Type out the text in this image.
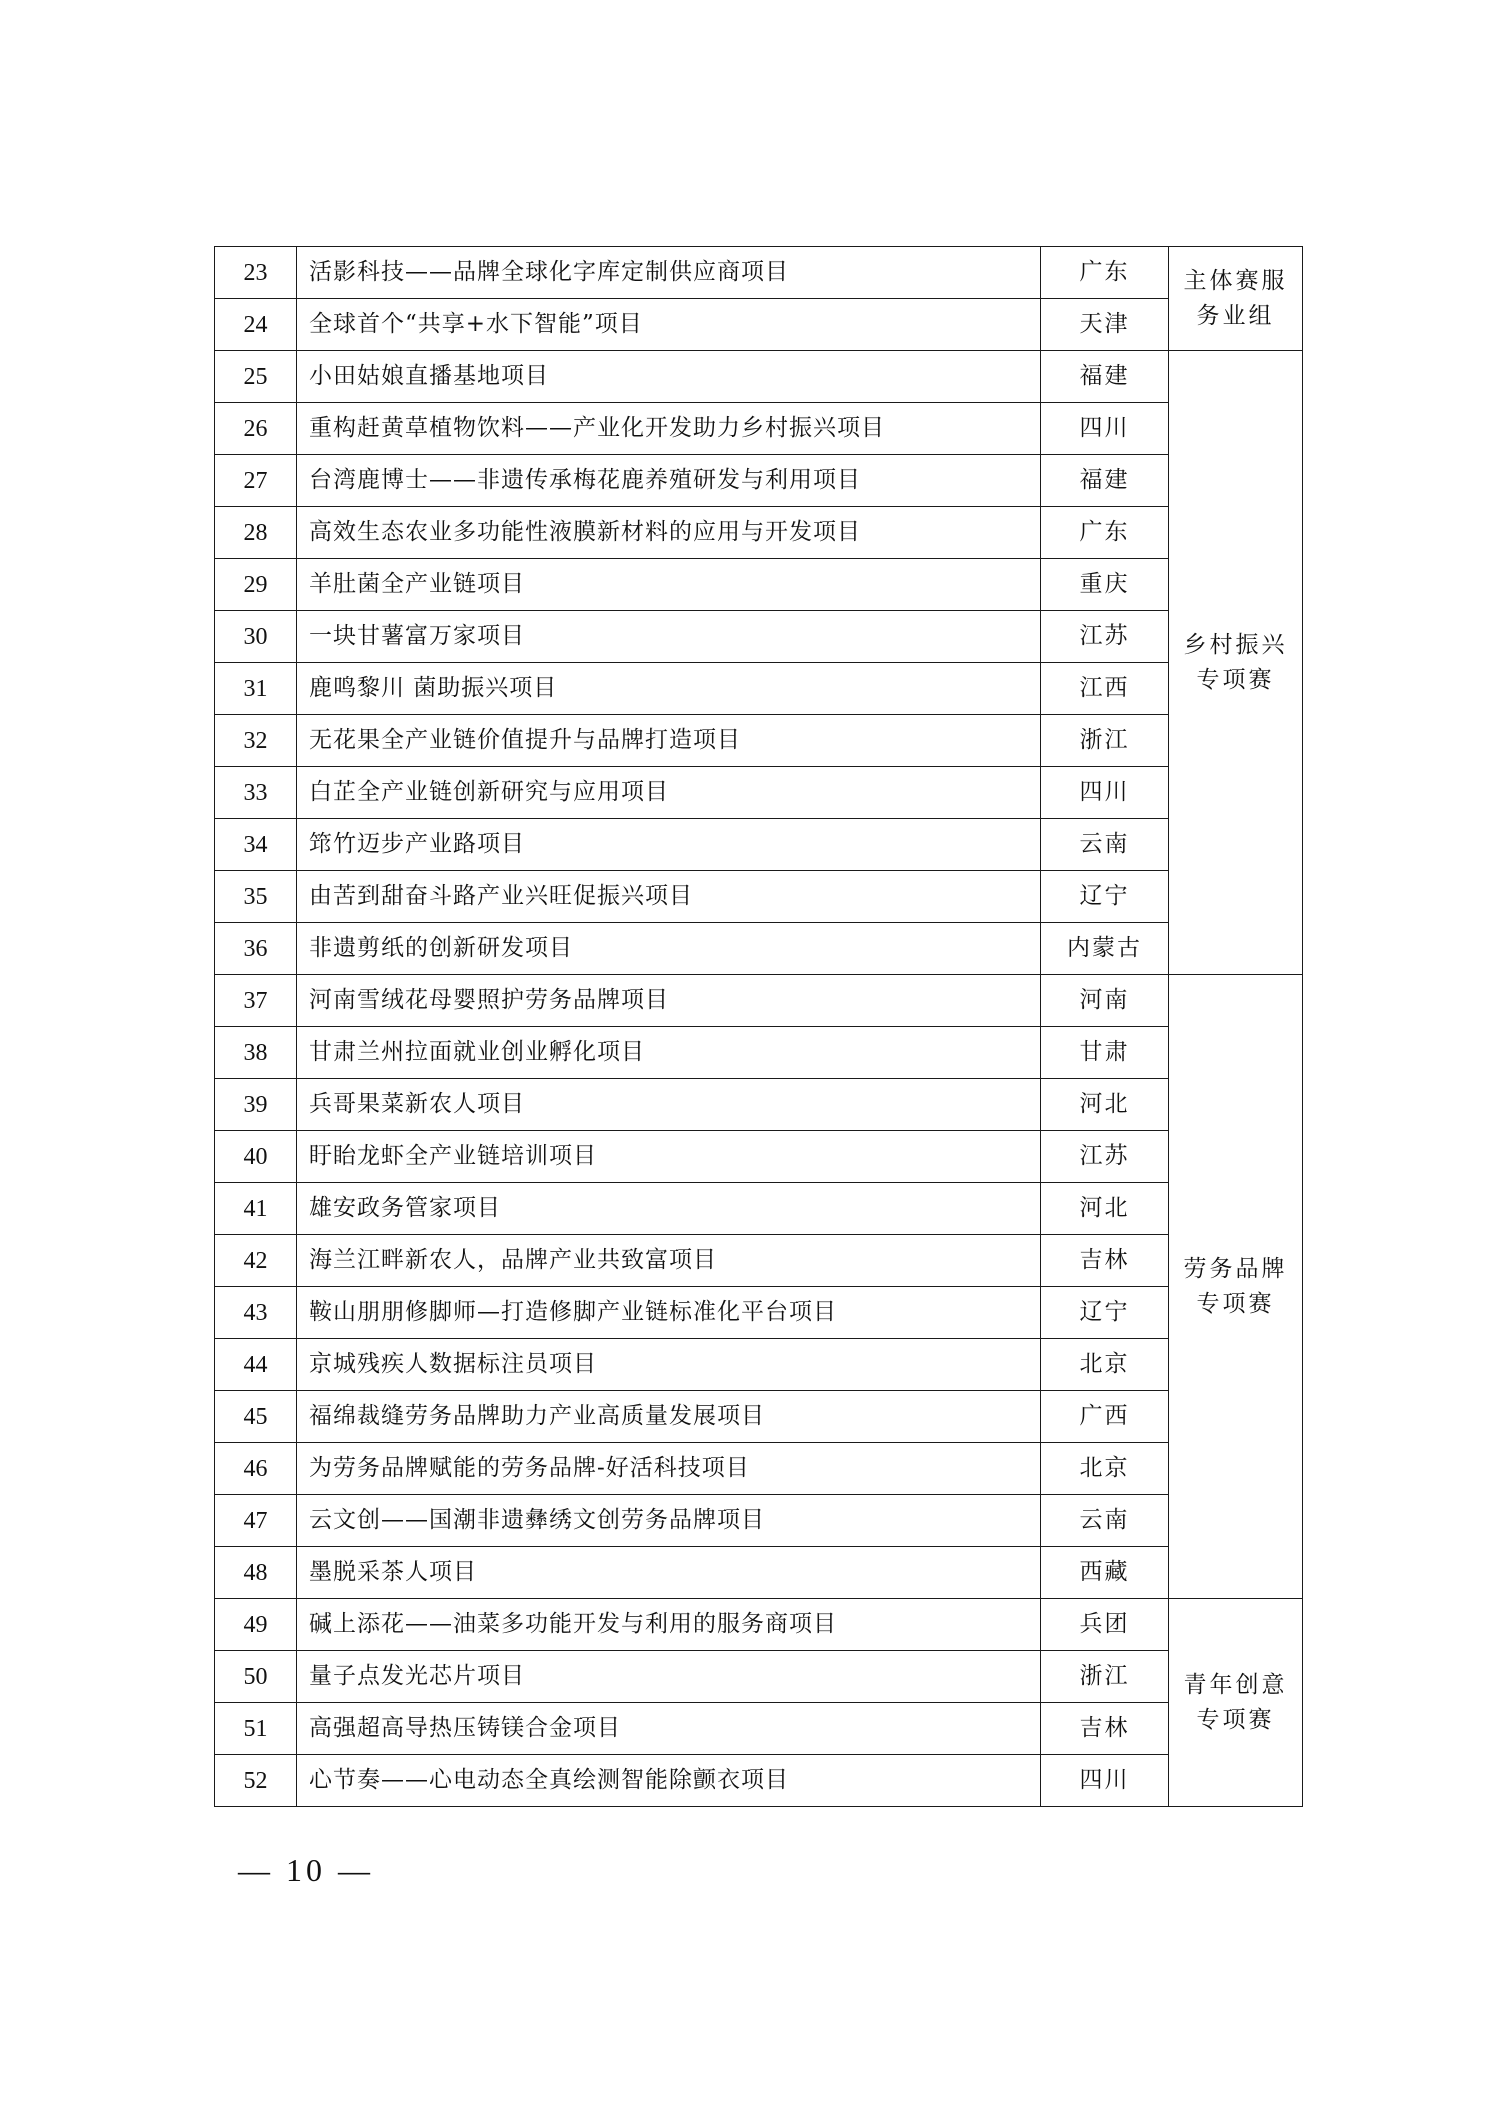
23	活影科技——品牌全球化字库定制供应商项目	广东	主体赛服务业组
24	全球首个“共享+水下智能”项目	天津	
25	小田姑娘直播基地项目	福建	乡村振兴专项赛
26	重构赶黄草植物饮料——产业化开发助力乡村振兴项目	四川	
27	台湾鹿博士——非遗传承梅花鹿养殖研发与利用项目	福建	
28	高效生态农业多功能性液膜新材料的应用与开发项目	广东	
29	羊肚菌全产业链项目	重庆	
30	一块甘薯富万家项目	江苏	
31	鹿鸣黎川 菌助振兴项目	江西	
32	无花果全产业链价值提升与品牌打造项目	浙江	
33	白芷全产业链创新研究与应用项目	四川	
34	筇竹迈步产业路项目	云南	
35	由苦到甜奋斗路产业兴旺促振兴项目	辽宁	
36	非遗剪纸的创新研发项目	内蒙古	
37	河南雪绒花母婴照护劳务品牌项目	河南	劳务品牌专项赛
38	甘肃兰州拉面就业创业孵化项目	甘肃	
39	兵哥果菜新农人项目	河北	
40	盱眙龙虾全产业链培训项目	江苏	
41	雄安政务管家项目	河北	
42	海兰江畔新农人，品牌产业共致富项目	吉林	
43	鞍山朋朋修脚师—打造修脚产业链标准化平台项目	辽宁	
44	京城残疾人数据标注员项目	北京	
45	福绵裁缝劳务品牌助力产业高质量发展项目	广西	
46	为劳务品牌赋能的劳务品牌-好活科技项目	北京	
47	云文创——国潮非遗彝绣文创劳务品牌项目	云南	
48	墨脱采茶人项目	西藏	
49	碱上添花——油菜多功能开发与利用的服务商项目	兵团	青年创意专项赛
50	量子点发光芯片项目	浙江	
51	高强超高导热压铸镁合金项目	吉林	
52	心节奏——心电动态全真绘测智能除颤衣项目	四川	
— 10 —
